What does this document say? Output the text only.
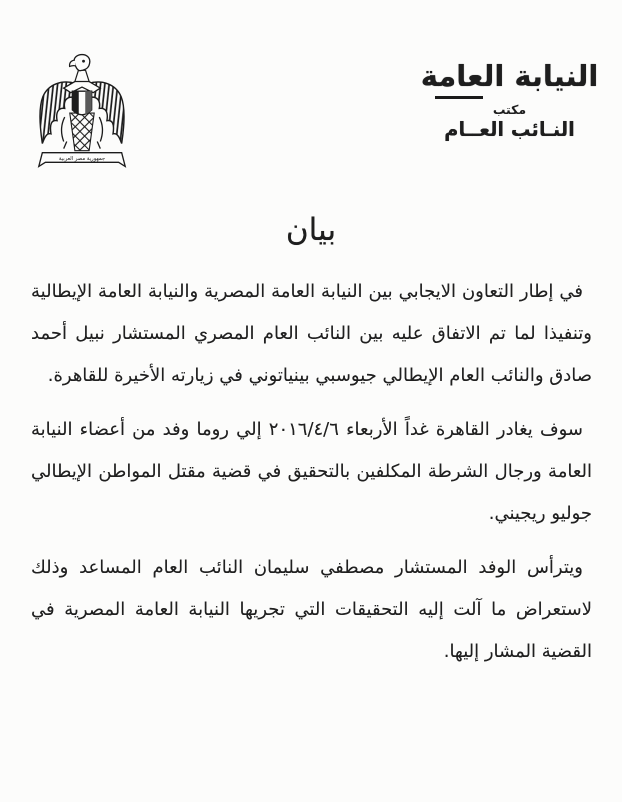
جمهورية مصر العربية
النيابة العامة
مكتب
النـائب العــام
بيان

في إطار التعاون الايجابي بين النيابة العامة المصرية والنيابة العامة الإيطالية وتنفيذا لما تم الاتفاق عليه بين النائب العام المصري المستشار نبيل أحمد صادق والنائب العام الإيطالي جيوسبي بينياتوني في زيارته الأخيرة للقاهرة.

سوف يغادر القاهرة غداً الأربعاء ٢٠١٦/٤/٦ إلي روما وفد من أعضاء النيابة العامة ورجال الشرطة المكلفين بالتحقيق في قضية مقتل المواطن الإيطالي جوليو ريجيني.

ويترأس الوفد المستشار مصطفي سليمان النائب العام المساعد وذلك لاستعراض ما آلت إليه التحقيقات التي تجريها النيابة العامة المصرية في القضية المشار إليها.
